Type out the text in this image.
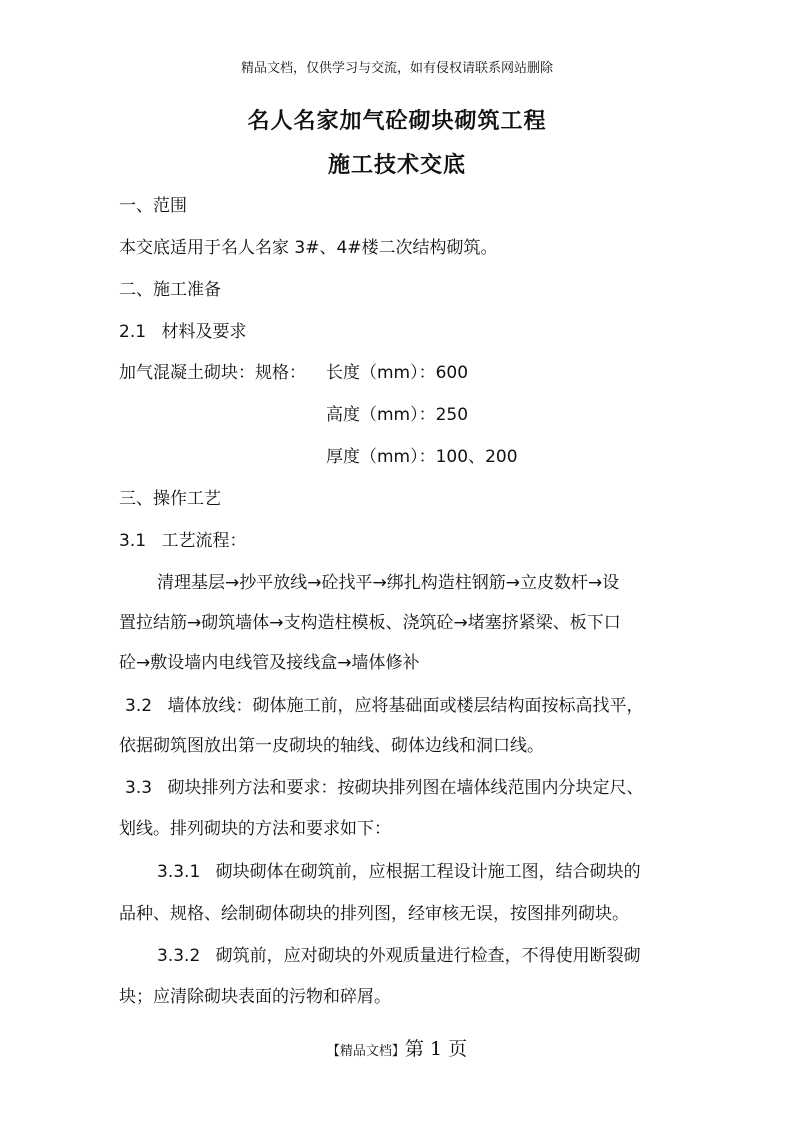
精品文档，仅供学习与交流，如有侵权请联系网站删除
名人名家加气砼砌块砌筑工程
施工技术交底
一、范围
本交底适用于名人名家 3#、4#楼二次结构砌筑。
二、施工准备
2.1 材料及要求
加气混凝土砌块：规格： 长度（mm）：600
高度（mm）：250
厚度（mm）：100、200
三、操作工艺
3.1 工艺流程：
清理基层→抄平放线→砼找平→绑扎构造柱钢筋→立皮数杆→设
置拉结筋→砌筑墙体→支构造柱模板、浇筑砼→堵塞挤紧梁、板下口
砼→敷设墙内电线管及接线盒→墙体修补
3.2 墙体放线：砌体施工前，应将基础面或楼层结构面按标高找平，
依据砌筑图放出第一皮砌块的轴线、砌体边线和洞口线。
3.3 砌块排列方法和要求：按砌块排列图在墙体线范围内分块定尺、
划线。排列砌块的方法和要求如下：
3.3.1 砌块砌体在砌筑前，应根据工程设计施工图，结合砌块的
品种、规格、绘制砌体砌块的排列图，经审核无误，按图排列砌块。
3.3.2 砌筑前，应对砌块的外观质量进行检查，不得使用断裂砌
块；应清除砌块表面的污物和碎屑。
【精品文档】第 1 页
